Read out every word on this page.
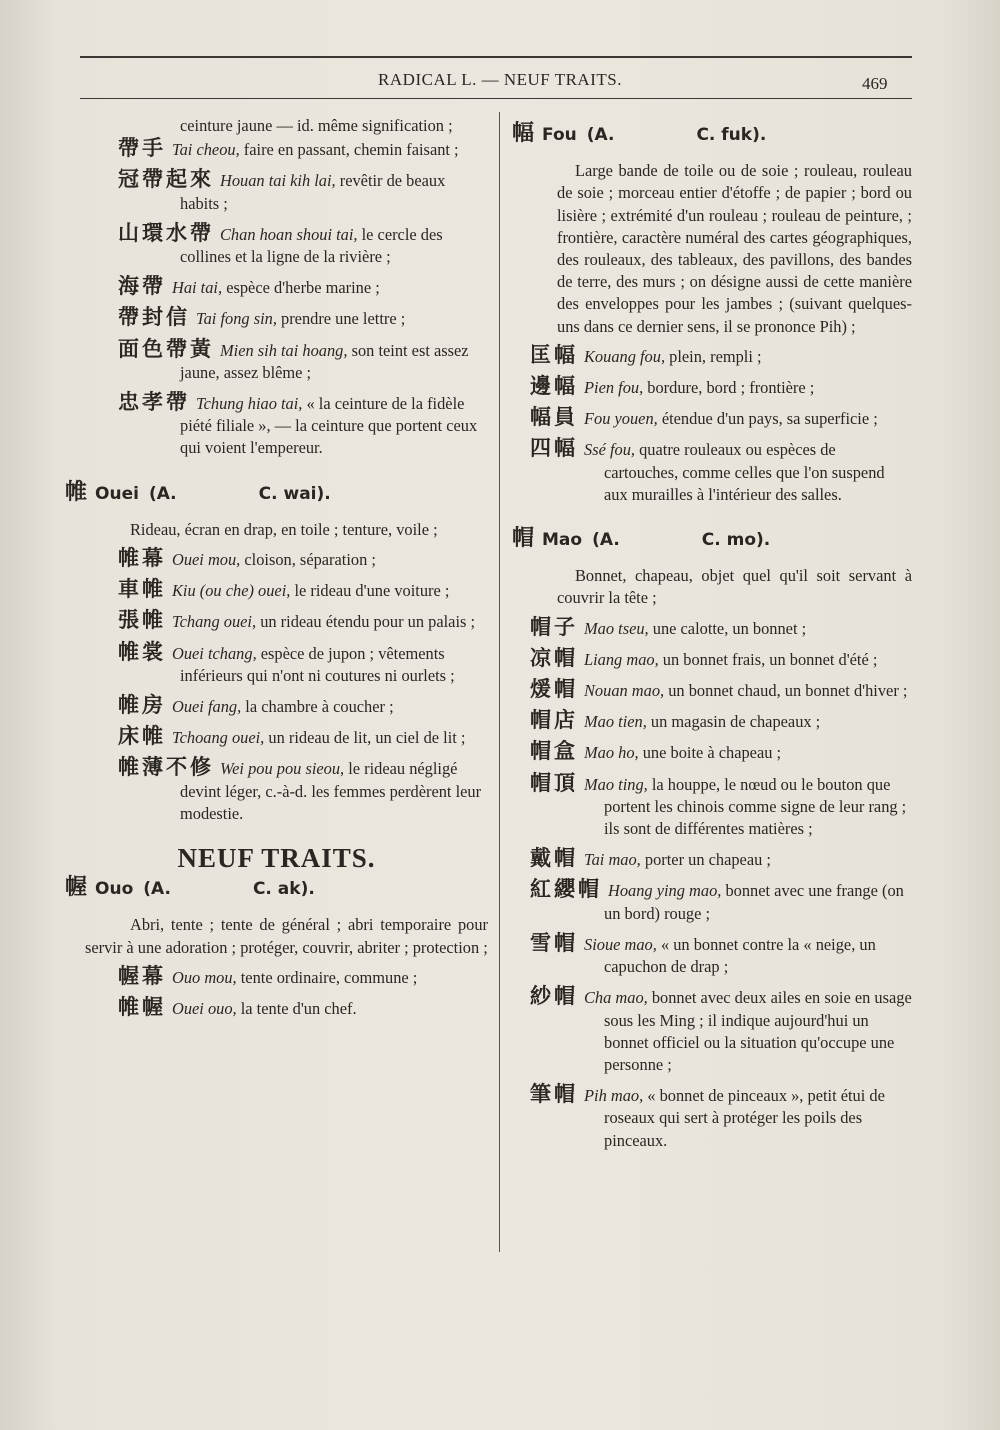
RADICAL L. — NEUF TRAITS.	469
ceinture jaune — id. même signification ;
帶手 Tai cheou, faire en passant, chemin faisant ;
冠帶起來 Houan tai kih lai, revêtir de beaux habits ;
山環水帶 Chan hoan shoui tai, le cercle des collines et la ligne de la rivière ;
海帶 Hai tai, espèce d'herbe marine ;
帶封信 Tai fong sin, prendre une lettre ;
面色帶黃 Mien sih tai hoang, son teint est assez jaune, assez blême ;
忠孝帶 Tchung hiao tai, « la ceinture de la fidèle piété filiale », — la ceinture que portent ceux qui voient l'empereur.
帷 Ouei (A.	C. wai).
Rideau, écran en drap, en toile ; tenture, voile ;
帷幕 Ouei mou, cloison, séparation ;
車帷 Kiu (ou che) ouei, le rideau d'une voiture ;
張帷 Tchang ouei, un rideau étendu pour un palais ;
帷裳 Ouei tchang, espèce de jupon ; vêtements inférieurs qui n'ont ni coutures ni ourlets ;
帷房 Ouei fang, la chambre à coucher ;
床帷 Tchoang ouei, un rideau de lit, un ciel de lit ;
帷薄不修 Wei pou pou sieou, le rideau négligé devint léger, c.-à-d. les femmes perdèrent leur modestie.
NEUF TRAITS.
幄 Ouo (A.	C. ak).
Abri, tente ; tente de général ; abri temporaire pour servir à une adoration ; protéger, couvrir, abriter ; protection ;
幄幕 Ouo mou, tente ordinaire, commune ;
帷幄 Ouei ouo, la tente d'un chef.
幅 Fou (A.	C. fuk).
Large bande de toile ou de soie ; rouleau, rouleau de soie ; morceau entier d'étoffe ; de papier ; bord ou lisière ; extrémité d'un rouleau ; rouleau de peinture, ; frontière, caractère numéral des cartes géographiques, des rouleaux, des tableaux, des pavillons, des bandes de terre, des murs ; on désigne aussi de cette manière des enveloppes pour les jambes ; (suivant quelques-uns dans ce dernier sens, il se prononce Pih) ;
匡幅 Kouang fou, plein, rempli ;
邊幅 Pien fou, bordure, bord ; frontière ;
幅員 Fou youen, étendue d'un pays, sa superficie ;
四幅 Ssé fou, quatre rouleaux ou espèces de cartouches, comme celles que l'on suspend aux murailles à l'intérieur des salles.
帽 Mao (A.	C. mo).
Bonnet, chapeau, objet quel qu'il soit servant à couvrir la tête ;
帽子 Mao tseu, une calotte, un bonnet ;
凉帽 Liang mao, un bonnet frais, un bonnet d'été ;
煖帽 Nouan mao, un bonnet chaud, un bonnet d'hiver ;
帽店 Mao tien, un magasin de chapeaux ;
帽盒 Mao ho, une boite à chapeau ;
帽頂 Mao ting, la houppe, le nœud ou le bouton que portent les chinois comme signe de leur rang ; ils sont de différentes matières ;
戴帽 Tai mao, porter un chapeau ;
紅纓帽 Hoang ying mao, bonnet avec une frange (on un bord) rouge ;
雪帽 Sioue mao, « un bonnet contre la « neige, un capuchon de drap ;
紗帽 Cha mao, bonnet avec deux ailes en soie en usage sous les Ming ; il indique aujourd'hui un bonnet officiel ou la situation qu'occupe une personne ;
筆帽 Pih mao, « bonnet de pinceaux », petit étui de roseaux qui sert à protéger les poils des pinceaux.
